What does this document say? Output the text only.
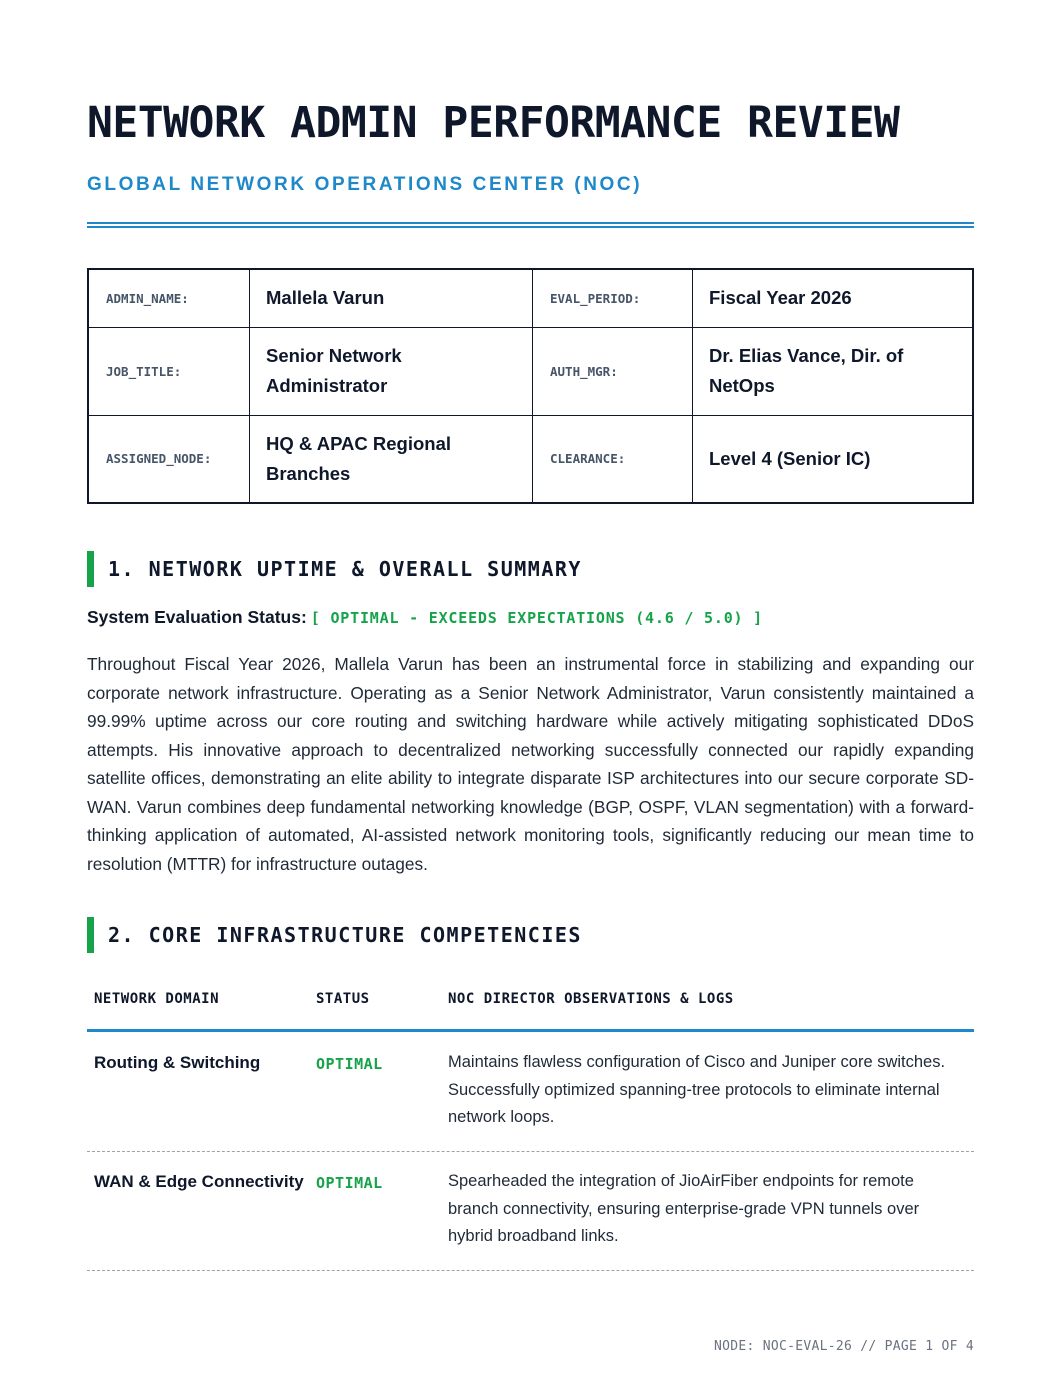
NETWORK ADMIN PERFORMANCE REVIEW
GLOBAL NETWORK OPERATIONS CENTER (NOC)
ADMIN_NAME:	Mallela Varun	EVAL_PERIOD:	Fiscal Year 2026
JOB_TITLE:	Senior Network Administrator	AUTH_MGR:	Dr. Elias Vance, Dir. of NetOps
ASSIGNED_NODE:	HQ & APAC Regional Branches	CLEARANCE:	Level 4 (Senior IC)
1. NETWORK UPTIME & OVERALL SUMMARY
System Evaluation Status: [ OPTIMAL - EXCEEDS EXPECTATIONS (4.6 / 5.0) ]

Throughout Fiscal Year 2026, Mallela Varun has been an instrumental force in stabilizing and expanding our corporate network infrastructure. Operating as a Senior Network Administrator, Varun consistently maintained a 99.99% uptime across our core routing and switching hardware while actively mitigating sophisticated DDoS attempts. His innovative approach to decentralized networking successfully connected our rapidly expanding satellite offices, demonstrating an elite ability to integrate disparate ISP architectures into our secure corporate SD-WAN. Varun combines deep fundamental networking knowledge (BGP, OSPF, VLAN segmentation) with a forward-thinking application of automated, AI-assisted network monitoring tools, significantly reducing our mean time to resolution (MTTR) for infrastructure outages.

2. CORE INFRASTRUCTURE COMPETENCIES
NETWORK DOMAIN	STATUS	NOC DIRECTOR OBSERVATIONS & LOGS
Routing & Switching	OPTIMAL	Maintains flawless configuration of Cisco and Juniper core switches. Successfully optimized spanning-tree protocols to eliminate internal network loops.
WAN & Edge Connectivity OPTIMAL	Spearheaded the integration of JioAirFiber endpoints for remote branch connectivity, ensuring enterprise-grade VPN tunnels over hybrid broadband links.
NODE: NOC-EVAL-26 // PAGE 1 OF 4
